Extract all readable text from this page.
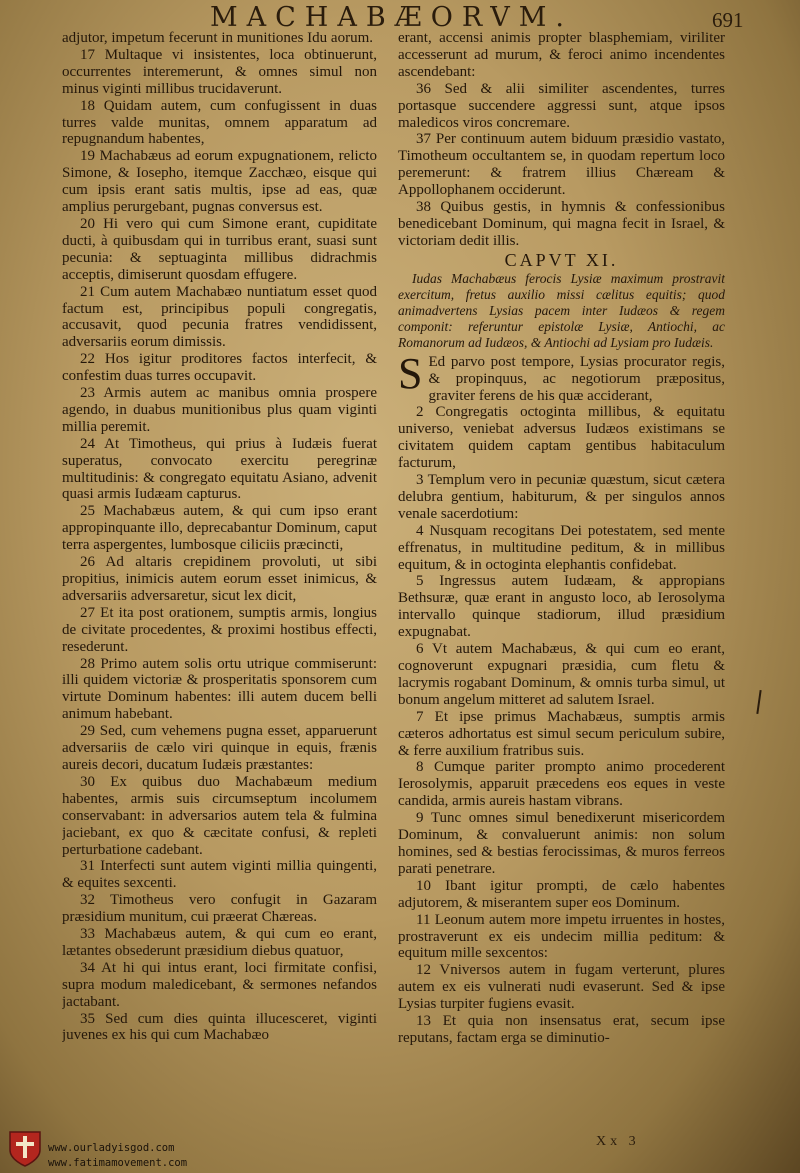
MACHABÆORVM.	691

adjutor, impetum fecerunt in munitiones Idu aorum.

17 Multaque vi insistentes, loca obtinuerunt, occurrentes interemerunt, & omnes simul non minus viginti millibus trucidaverunt.

18 Quidam autem, cum confugissent in duas turres valde munitas, omnem apparatum ad repugnandum habentes,

19 Machabæus ad eorum expugnationem, relicto Simone, & Iosepho, itemque Zacchæo, eisque qui cum ipsis erant satis multis, ipse ad eas, quæ amplius perurgebant, pugnas conversus est.

20 Hi vero qui cum Simone erant, cupiditate ducti, à quibusdam qui in turribus erant, suasi sunt pecunia: & septuaginta millibus didrachmis acceptis, dimiserunt quosdam effugere.

21 Cum autem Machabæo nuntiatum esset quod factum est, principibus populi congregatis, accusavit, quod pecunia fratres vendidissent, adversariis eorum dimissis.

22 Hos igitur proditores factos interfecit, & confestim duas turres occupavit.

23 Armis autem ac manibus omnia prospere agendo, in duabus munitionibus plus quam viginti millia peremit.

24 At Timotheus, qui prius à Iudæis fuerat superatus, convocato exercitu peregrinæ multitudinis: & congregato equitatu Asiano, advenit quasi armis Iudæam capturus.

25 Machabæus autem, & qui cum ipso erant appropinquante illo, deprecabantur Dominum, caput terra aspergentes, lumbosque ciliciis præcincti,

26 Ad altaris crepidinem provoluti, ut sibi propitius, inimicis autem eorum esset inimicus, & adversariis adversaretur, sicut lex dicit,

27 Et ita post orationem, sumptis armis, longius de civitate procedentes, & proximi hostibus effecti, resederunt.

28 Primo autem solis ortu utrique commiserunt: illi quidem victoriæ & prosperitatis sponsorem cum virtute Dominum habentes: illi autem ducem belli animum habebant.

29 Sed, cum vehemens pugna esset, apparuerunt adversariis de cælo viri quinque in equis, frænis aureis decori, ducatum Iudæis præstantes:

30 Ex quibus duo Machabæum medium habentes, armis suis circumseptum incolumem conservabant: in adversarios autem tela & fulmina jaciebant, ex quo & cæcitate confusi, & repleti perturbatione cadebant.

31 Interfecti sunt autem viginti millia quingenti, & equites sexcenti.

32 Timotheus vero confugit in Gazaram præsidium munitum, cui præerat Chæreas.

33 Machabæus autem, & qui cum eo erant, lætantes obsederunt præsidium diebus quatuor,

34 At hi qui intus erant, loci firmitate confisi, supra modum maledicebant, & sermones nefandos jactabant.

35 Sed cum dies quinta illucesceret, viginti juvenes ex his qui cum Machabæo

erant, accensi animis propter blasphemiam, viriliter accesserunt ad murum, & feroci animo incendentes ascendebant:

36 Sed & alii similiter ascendentes, turres portasque succendere aggressi sunt, atque ipsos maledicos viros concremare.

37 Per continuum autem biduum præsidio vastato, Timotheum occultantem se, in quodam repertum loco peremerunt: & fratrem illius Chæream & Appollophanem occiderunt.

38 Quibus gestis, in hymnis & confessionibus benedicebant Dominum, qui magna fecit in Israel, & victoriam dedit illis.

CAPVT XI.

Iudas Machabæus ferocis Lysiæ maximum prostravit exercitum, fretus auxilio missi cælitus equitis; quod animadvertens Lysias pacem inter Iudæos & regem componit: referuntur epistolæ Lysiæ, Antiochi, ac Romanorum ad Iudæos, & Antiochi ad Lysiam pro Iudæis.

S Ed parvo post tempore, Lysias procurator regis, & propinquus, ac negotiorum præpositus, graviter ferens de his quæ acciderant,

2 Congregatis octoginta millibus, & equitatu universo, veniebat adversus Iudæos existimans se civitatem quidem captam gentibus habitaculum facturum,

3 Templum vero in pecuniæ quæstum, sicut cætera delubra gentium, habiturum, & per singulos annos venale sacerdotium:

4 Nusquam recogitans Dei potestatem, sed mente effrenatus, in multitudine peditum, & in millibus equitum, & in octoginta elephantis confidebat.

5 Ingressus autem Iudæam, & appropians Bethsuræ, quæ erant in angusto loco, ab Ierosolyma intervallo quinque stadiorum, illud præsidium expugnabat.

6 Vt autem Machabæus, & qui cum eo erant, cognoverunt expugnari præsidia, cum fletu & lacrymis rogabant Dominum, & omnis turba simul, ut bonum angelum mitteret ad salutem Israel.

7 Et ipse primus Machabæus, sumptis armis cæteros adhortatus est simul secum periculum subire, & ferre auxilium fratribus suis.

8 Cumque pariter prompto animo procederent Ierosolymis, apparuit præcedens eos eques in veste candida, armis aureis hastam vibrans.

9 Tunc omnes simul benedixerunt misericordem Dominum, & convaluerunt animis: non solum homines, sed & bestias ferocissimas, & muros ferreos parati penetrare.

10 Ibant igitur prompti, de cælo habentes adjutorem, & miserantem super eos Dominum.

11 Leonum autem more impetu irruentes in hostes, prostraverunt ex eis undecim millia peditum: & equitum mille sexcentos:

12 Vniversos autem in fugam verterunt, plures autem ex eis vulnerati nudi evaserunt. Sed & ipse Lysias turpiter fugiens evasit.

13 Et quia non insensatus erat, secum ipse reputans, factam erga se diminutio-

www.ourladyisgod.com
www.fatimamovement.com
Xx 3
